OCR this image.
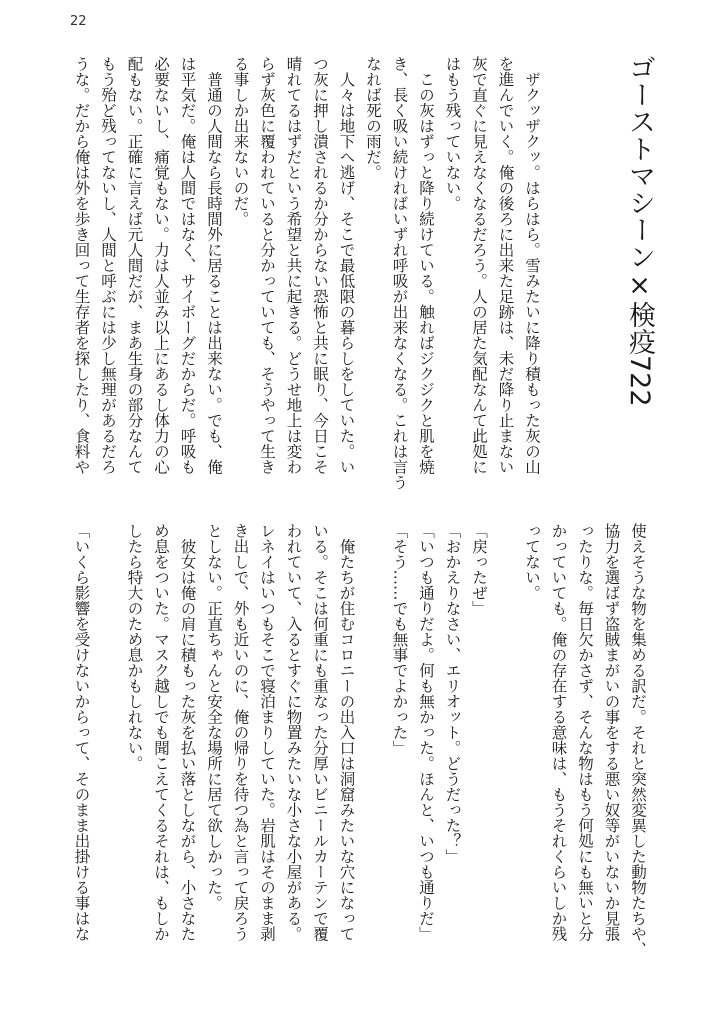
22
ゴーストマシーン×検疫722
　ザクッザクッ。はらはら。雪みたいに降り積もった灰の山
を進んでいく。俺の後ろに出来た足跡は、未だ降り止まない
灰で直ぐに見えなくなるだろう。人の居た気配なんて此処に
はもう残っていない。
　この灰はずっと降り続けている。触ればジクジクと肌を焼
き、長く吸い続ければいずれ呼吸が出来なくなる。これは言う
なれば死の雨だ。
　人々は地下へ逃げ、そこで最低限の暮らしをしていた。い
つ灰に押し潰されるか分からない恐怖と共に眠り、今日こそ
晴れてるはずだという希望と共に起きる。どうせ地上は変わ
らず灰色に覆われていると分かっていても、そうやって生き
る事しか出来ないのだ。
　普通の人間なら長時間外に居ることは出来ない。でも、俺
は平気だ。俺は人間ではなく、サイボーグだからだ。呼吸も
必要ないし、痛覚もない。力は人並み以上にあるし体力の心
配もない。正確に言えば元人間だが、まあ生身の部分なんて
もう殆ど残ってないし、人間と呼ぶには少し無理があるだろ
うな。だから俺は外を歩き回って生存者を探したり、食料や
使えそうな物を集める訳だ。それと突然変異した動物たちや、
協力を選ばず盗賊まがいの事をする悪い奴等がいないか見張
ったりな。毎日欠かさず、そんな物はもう何処にも無いと分
かっていても。俺の存在する意味は、もうそれくらいしか残
ってない。
「戻ったぜ」
「おかえりなさい、エリオット。どうだった？」
「いつも通りだよ。何も無かった。ほんと、いつも通りだ」
「そう……でも無事でよかった」
　俺たちが住むコロニーの出入口は洞窟みたいな穴になって
いる。そこは何重にも重なった分厚いビニールカーテンで覆
われていて、入るとすぐに物置みたいな小さな小屋がある。
レネイはいつもそこで寝泊まりしていた。岩肌はそのまま剥
き出しで、外も近いのに、俺の帰りを待つ為と言って戻ろう
としない。正直ちゃんと安全な場所に居て欲しかった。
　彼女は俺の肩に積もった灰を払い落としながら、小さなた
め息をついた。マスク越しでも聞こえてくるそれは、もしか
したら特大のため息かもしれない。
「いくら影響を受けないからって、そのまま出掛ける事はな
